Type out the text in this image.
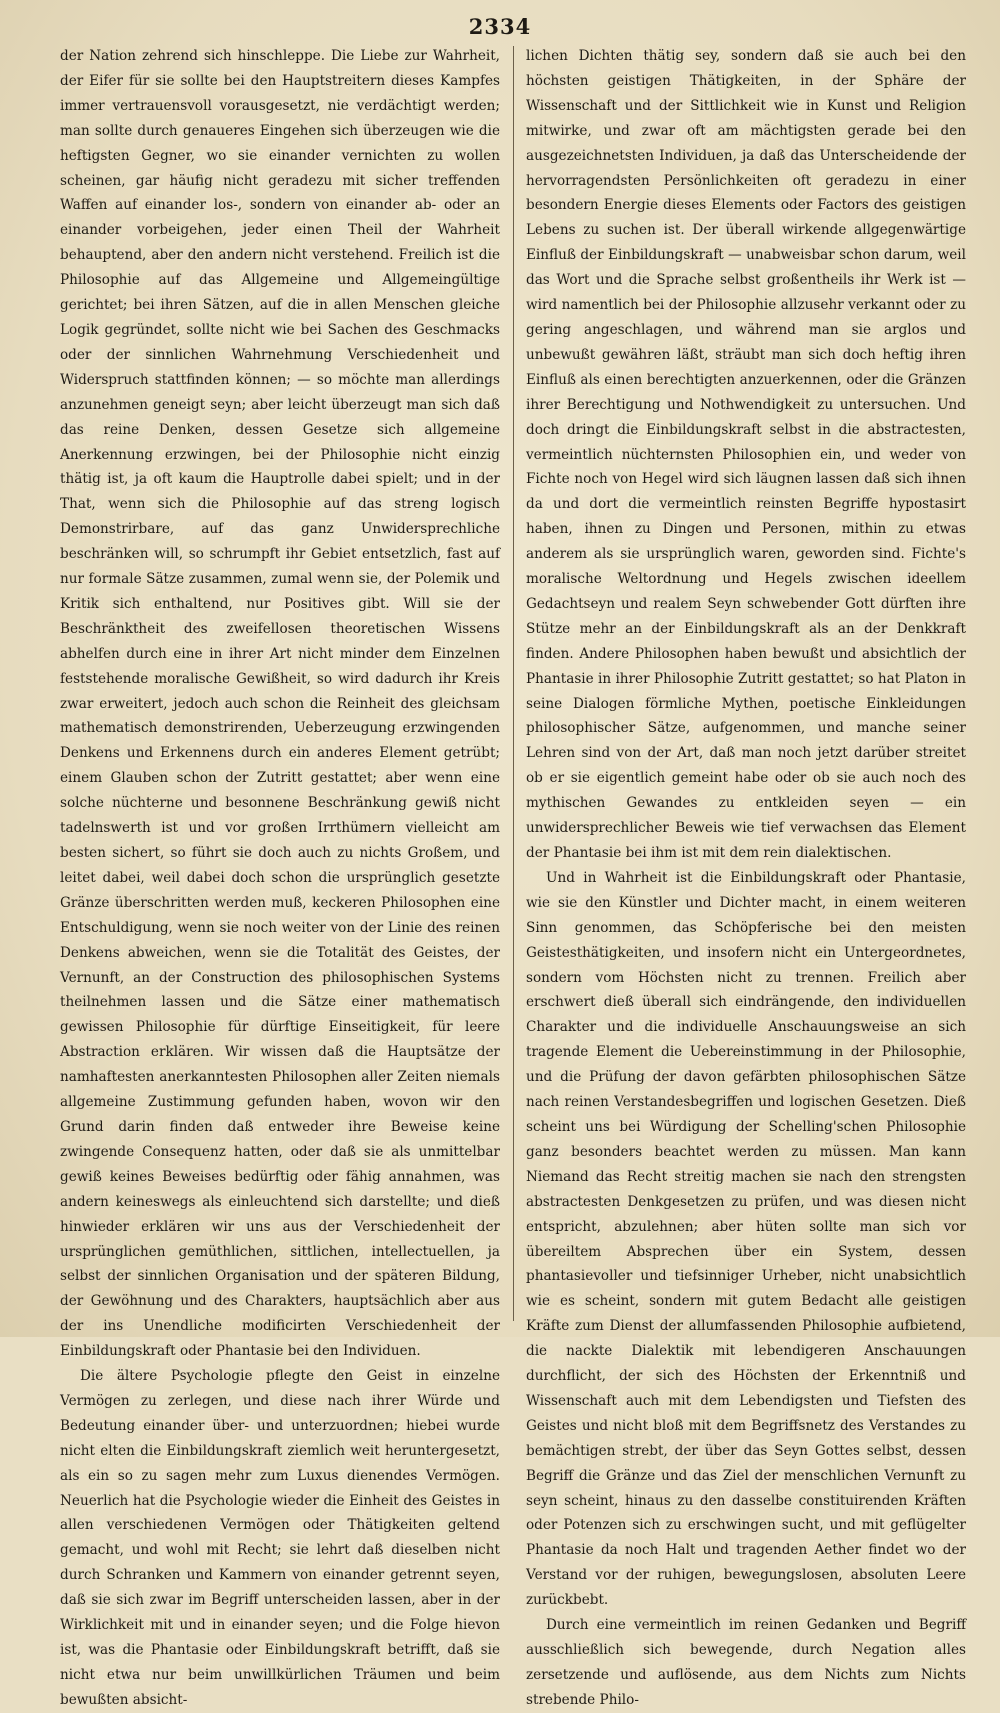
2334

der Nation zehrend sich hinschleppe. Die Liebe zur Wahrheit, der Eifer für sie sollte bei den Hauptstreitern dieses Kampfes immer vertrauensvoll vorausgesetzt, nie verdächtigt werden; man sollte durch genaueres Eingehen sich überzeugen wie die heftigsten Gegner, wo sie einander vernichten zu wollen scheinen, gar häufig nicht geradezu mit sicher treffenden Waffen auf einander los-, sondern von einander ab- oder an einander vorbeigehen, jeder einen Theil der Wahrheit behauptend, aber den andern nicht verstehend. Freilich ist die Philosophie auf das Allgemeine und Allgemeingültige gerichtet; bei ihren Sätzen, auf die in allen Menschen gleiche Logik gegründet, sollte nicht wie bei Sachen des Geschmacks oder der sinnlichen Wahrnehmung Verschiedenheit und Widerspruch stattfinden können; — so möchte man allerdings anzunehmen geneigt seyn; aber leicht überzeugt man sich daß das reine Denken, dessen Gesetze sich allgemeine Anerkennung erzwingen, bei der Philosophie nicht einzig thätig ist, ja oft kaum die Hauptrolle dabei spielt; und in der That, wenn sich die Philosophie auf das streng logisch Demonstrirbare, auf das ganz Unwidersprechliche beschränken will, so schrumpft ihr Gebiet entsetzlich, fast auf nur formale Sätze zusammen, zumal wenn sie, der Polemik und Kritik sich enthaltend, nur Positives gibt. Will sie der Beschränktheit des zweifellosen theoretischen Wissens abhelfen durch eine in ihrer Art nicht minder dem Einzelnen feststehende moralische Gewißheit, so wird dadurch ihr Kreis zwar erweitert, jedoch auch schon die Reinheit des gleichsam mathematisch demonstrirenden, Ueberzeugung erzwingenden Denkens und Erkennens durch ein anderes Element getrübt; einem Glauben schon der Zutritt gestattet; aber wenn eine solche nüchterne und besonnene Beschränkung gewiß nicht tadelnswerth ist und vor großen Irrthümern vielleicht am besten sichert, so führt sie doch auch zu nichts Großem, und leitet dabei, weil dabei doch schon die ursprünglich gesetzte Gränze überschritten werden muß, keckeren Philosophen eine Entschuldigung, wenn sie noch weiter von der Linie des reinen Denkens abweichen, wenn sie die Totalität des Geistes, der Vernunft, an der Construction des philosophischen Systems theilnehmen lassen und die Sätze einer mathematisch gewissen Philosophie für dürftige Einseitigkeit, für leere Abstraction erklären. Wir wissen daß die Hauptsätze der namhaftesten anerkanntesten Philosophen aller Zeiten niemals allgemeine Zustimmung gefunden haben, wovon wir den Grund darin finden daß entweder ihre Beweise keine zwingende Consequenz hatten, oder daß sie als unmittelbar gewiß keines Beweises bedürftig oder fähig annahmen, was andern keineswegs als einleuchtend sich darstellte; und dieß hinwieder erklären wir uns aus der Verschiedenheit der ursprünglichen gemüthlichen, sittlichen, intellectuellen, ja selbst der sinnlichen Organisation und der späteren Bildung, der Gewöhnung und des Charakters, hauptsächlich aber aus der ins Unendliche modificirten Verschiedenheit der Einbildungskraft oder Phantasie bei den Individuen.

Die ältere Psychologie pflegte den Geist in einzelne Vermögen zu zerlegen, und diese nach ihrer Würde und Bedeutung einander über- und unterzuordnen; hiebei wurde nicht elten die Einbildungskraft ziemlich weit heruntergesetzt, als ein so zu sagen mehr zum Luxus dienendes Vermögen. Neuerlich hat die Psychologie wieder die Einheit des Geistes in allen verschiedenen Vermögen oder Thätigkeiten geltend gemacht, und wohl mit Recht; sie lehrt daß dieselben nicht durch Schranken und Kammern von einander getrennt seyen, daß sie sich zwar im Begriff unterscheiden lassen, aber in der Wirklichkeit mit und in einander seyen; und die Folge hievon ist, was die Phantasie oder Einbildungskraft betrifft, daß sie nicht etwa nur beim unwillkürlichen Träumen und beim bewußten absicht-

lichen Dichten thätig sey, sondern daß sie auch bei den höchsten geistigen Thätigkeiten, in der Sphäre der Wissenschaft und der Sittlichkeit wie in Kunst und Religion mitwirke, und zwar oft am mächtigsten gerade bei den ausgezeichnetsten Individuen, ja daß das Unterscheidende der hervorragendsten Persönlichkeiten oft geradezu in einer besondern Energie dieses Elements oder Factors des geistigen Lebens zu suchen ist. Der überall wirkende allgegenwärtige Einfluß der Einbildungskraft — unabweisbar schon darum, weil das Wort und die Sprache selbst großentheils ihr Werk ist — wird namentlich bei der Philosophie allzusehr verkannt oder zu gering angeschlagen, und während man sie arglos und unbewußt gewähren läßt, sträubt man sich doch heftig ihren Einfluß als einen berechtigten anzuerkennen, oder die Gränzen ihrer Berechtigung und Nothwendigkeit zu untersuchen. Und doch dringt die Einbildungskraft selbst in die abstractesten, vermeintlich nüchternsten Philosophien ein, und weder von Fichte noch von Hegel wird sich läugnen lassen daß sich ihnen da und dort die vermeintlich reinsten Begriffe hypostasirt haben, ihnen zu Dingen und Personen, mithin zu etwas anderem als sie ursprünglich waren, geworden sind. Fichte's moralische Weltordnung und Hegels zwischen ideellem Gedachtseyn und realem Seyn schwebender Gott dürften ihre Stütze mehr an der Einbildungskraft als an der Denkkraft finden. Andere Philosophen haben bewußt und absichtlich der Phantasie in ihrer Philosophie Zutritt gestattet; so hat Platon in seine Dialogen förmliche Mythen, poetische Einkleidungen philosophischer Sätze, aufgenommen, und manche seiner Lehren sind von der Art, daß man noch jetzt darüber streitet ob er sie eigentlich gemeint habe oder ob sie auch noch des mythischen Gewandes zu entkleiden seyen — ein unwidersprechlicher Beweis wie tief verwachsen das Element der Phantasie bei ihm ist mit dem rein dialektischen.

Und in Wahrheit ist die Einbildungskraft oder Phantasie, wie sie den Künstler und Dichter macht, in einem weiteren Sinn genommen, das Schöpferische bei den meisten Geistesthätigkeiten, und insofern nicht ein Untergeordnetes, sondern vom Höchsten nicht zu trennen. Freilich aber erschwert dieß überall sich eindrängende, den individuellen Charakter und die individuelle Anschauungsweise an sich tragende Element die Uebereinstimmung in der Philosophie, und die Prüfung der davon gefärbten philosophischen Sätze nach reinen Verstandesbegriffen und logischen Gesetzen. Dieß scheint uns bei Würdigung der Schelling'schen Philosophie ganz besonders beachtet werden zu müssen. Man kann Niemand das Recht streitig machen sie nach den strengsten abstractesten Denkgesetzen zu prüfen, und was diesen nicht entspricht, abzulehnen; aber hüten sollte man sich vor übereiltem Absprechen über ein System, dessen phantasievoller und tiefsinniger Urheber, nicht unabsichtlich wie es scheint, sondern mit gutem Bedacht alle geistigen Kräfte zum Dienst der allumfassenden Philosophie aufbietend, die nackte Dialektik mit lebendigeren Anschauungen durchflicht, der sich des Höchsten der Erkenntniß und Wissenschaft auch mit dem Lebendigsten und Tiefsten des Geistes und nicht bloß mit dem Begriffsnetz des Verstandes zu bemächtigen strebt, der über das Seyn Gottes selbst, dessen Begriff die Gränze und das Ziel der menschlichen Vernunft zu seyn scheint, hinaus zu den dasselbe constituirenden Kräften oder Potenzen sich zu erschwingen sucht, und mit geflügelter Phantasie da noch Halt und tragenden Aether findet wo der Verstand vor der ruhigen, bewegungslosen, absoluten Leere zurückbebt.

Durch eine vermeintlich im reinen Gedanken und Begriff ausschließlich sich bewegende, durch Negation alles zersetzende und auflösende, aus dem Nichts zum Nichts strebende Philo-
